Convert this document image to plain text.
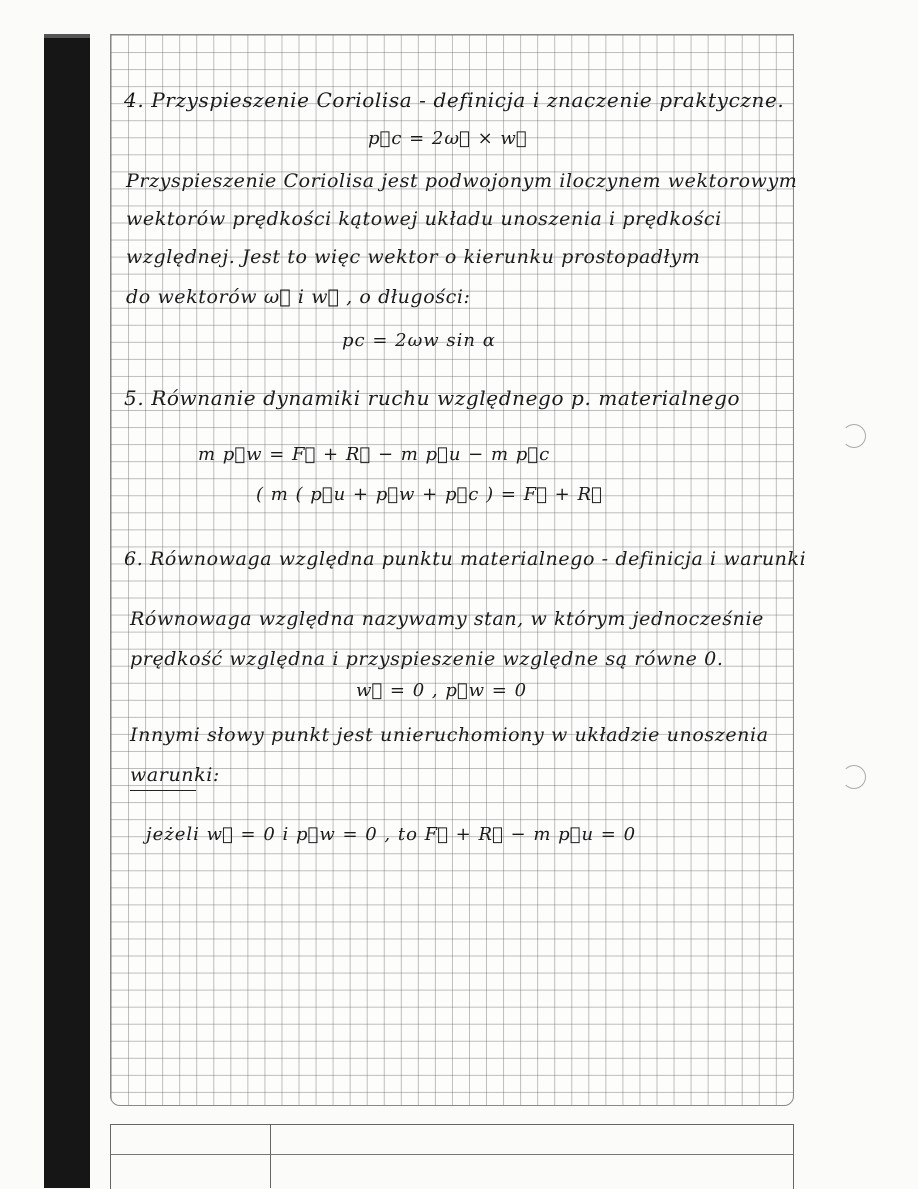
4. Przyspieszenie Coriolisa - definicja i znaczenie praktyczne.
p⃗c = 2ω⃗ × w⃗
Przyspieszenie Coriolisa jest podwojonym iloczynem wektorowym
wektorów prędkości kątowej układu unoszenia i prędkości
względnej. Jest to więc wektor o kierunku prostopadłym
do wektorów ω⃗ i w⃗ , o długości:
pc = 2ωw sin α
5. Równanie dynamiki ruchu względnego p. materialnego
m p⃗w = F⃗ + R⃗ − m p⃗u − m p⃗c
( m ( p⃗u + p⃗w + p⃗c ) = F⃗ + R⃗
6. Równowaga względna punktu materialnego - definicja i warunki
Równowaga względna nazywamy stan, w którym jednocześnie
prędkość względna i przyspieszenie względne są równe 0.
w⃗ = 0 , p⃗w = 0
Innymi słowy punkt jest unieruchomiony w układzie unoszenia
warunki:
jeżeli w⃗ = 0 i p⃗w = 0 , to F⃗ + R⃗ − m p⃗u = 0
